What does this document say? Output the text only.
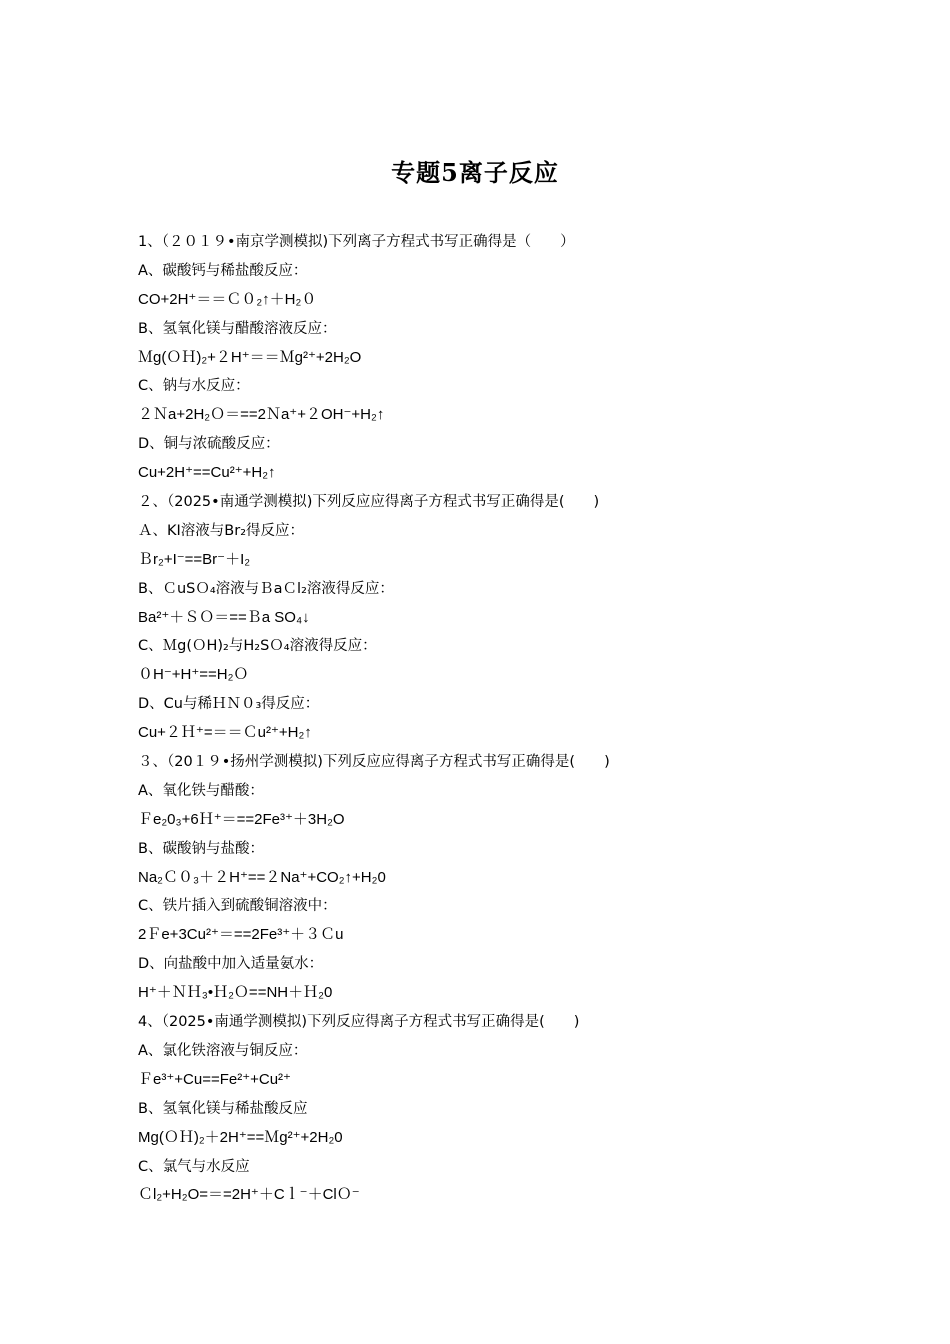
专题5离子反应
1、（２０１９•南京学测模拟)下列离子方程式书写正确得是（　　）
A、碳酸钙与稀盐酸反应：
CO+2H⁺＝＝Ｃ０₂↑＋H₂０
B、氢氧化镁与醋酸溶液反应：
Ｍg(ＯＨ)₂+２H⁺＝＝Ｍg²⁺+2H₂O
C、钠与水反应：
２Ｎa+2H₂Ｏ＝==2Ｎa⁺+２OH⁻+H₂↑
D、铜与浓硫酸反应：
Cu+2H⁺==Cu²⁺+H₂↑
２、（2025•南通学测模拟)下列反应应得离子方程式书写正确得是(　　)
Ａ、KI溶液与Br₂得反应：
Ｂr₂+I⁻==Br⁻＋I₂
B、ＣuSＯ₄溶液与ＢaＣl₂溶液得反应：
Ba²⁺＋ＳＯ＝==Ｂa SO₄↓
C、Ｍg(ＯH)₂与H₂SＯ₄溶液得反应：
０H⁻+H⁺==H₂Ｏ
D、Cu与稀ＨＮ０₃得反应：
Cu+２Ｈ⁺=＝＝Ｃu²⁺+H₂↑
３、（20１９•扬州学测模拟)下列反应应得离子方程式书写正确得是(　　)
A、氧化铁与醋酸：
Ｆe₂0₃+6Ｈ⁺＝==2Fe³⁺＋3H₂O
B、碳酸钠与盐酸：
Na₂Ｃ０₃＋２H⁺==２Na⁺+CO₂↑+H₂0
C、铁片插入到硫酸铜溶液中：
2Ｆe+3Cu²⁺＝==2Fe³⁺＋３Ｃu
D、向盐酸中加入适量氨水：
H⁺＋ＮＨ₃•Ｈ₂Ｏ==NH＋Ｈ₂0
4、（2025•南通学测模拟)下列反应得离子方程式书写正确得是(　　)
A、氯化铁溶液与铜反应：
Ｆe³⁺+Cu==Fe²⁺+Cu²⁺
B、氢氧化镁与稀盐酸反应
Mg(ＯＨ)₂＋2H⁺==Ｍg²⁺+2H₂0
C、氯气与水反应
Ｃl₂+H₂O=＝=2H⁺＋Cｌ⁻＋ClＯ⁻
